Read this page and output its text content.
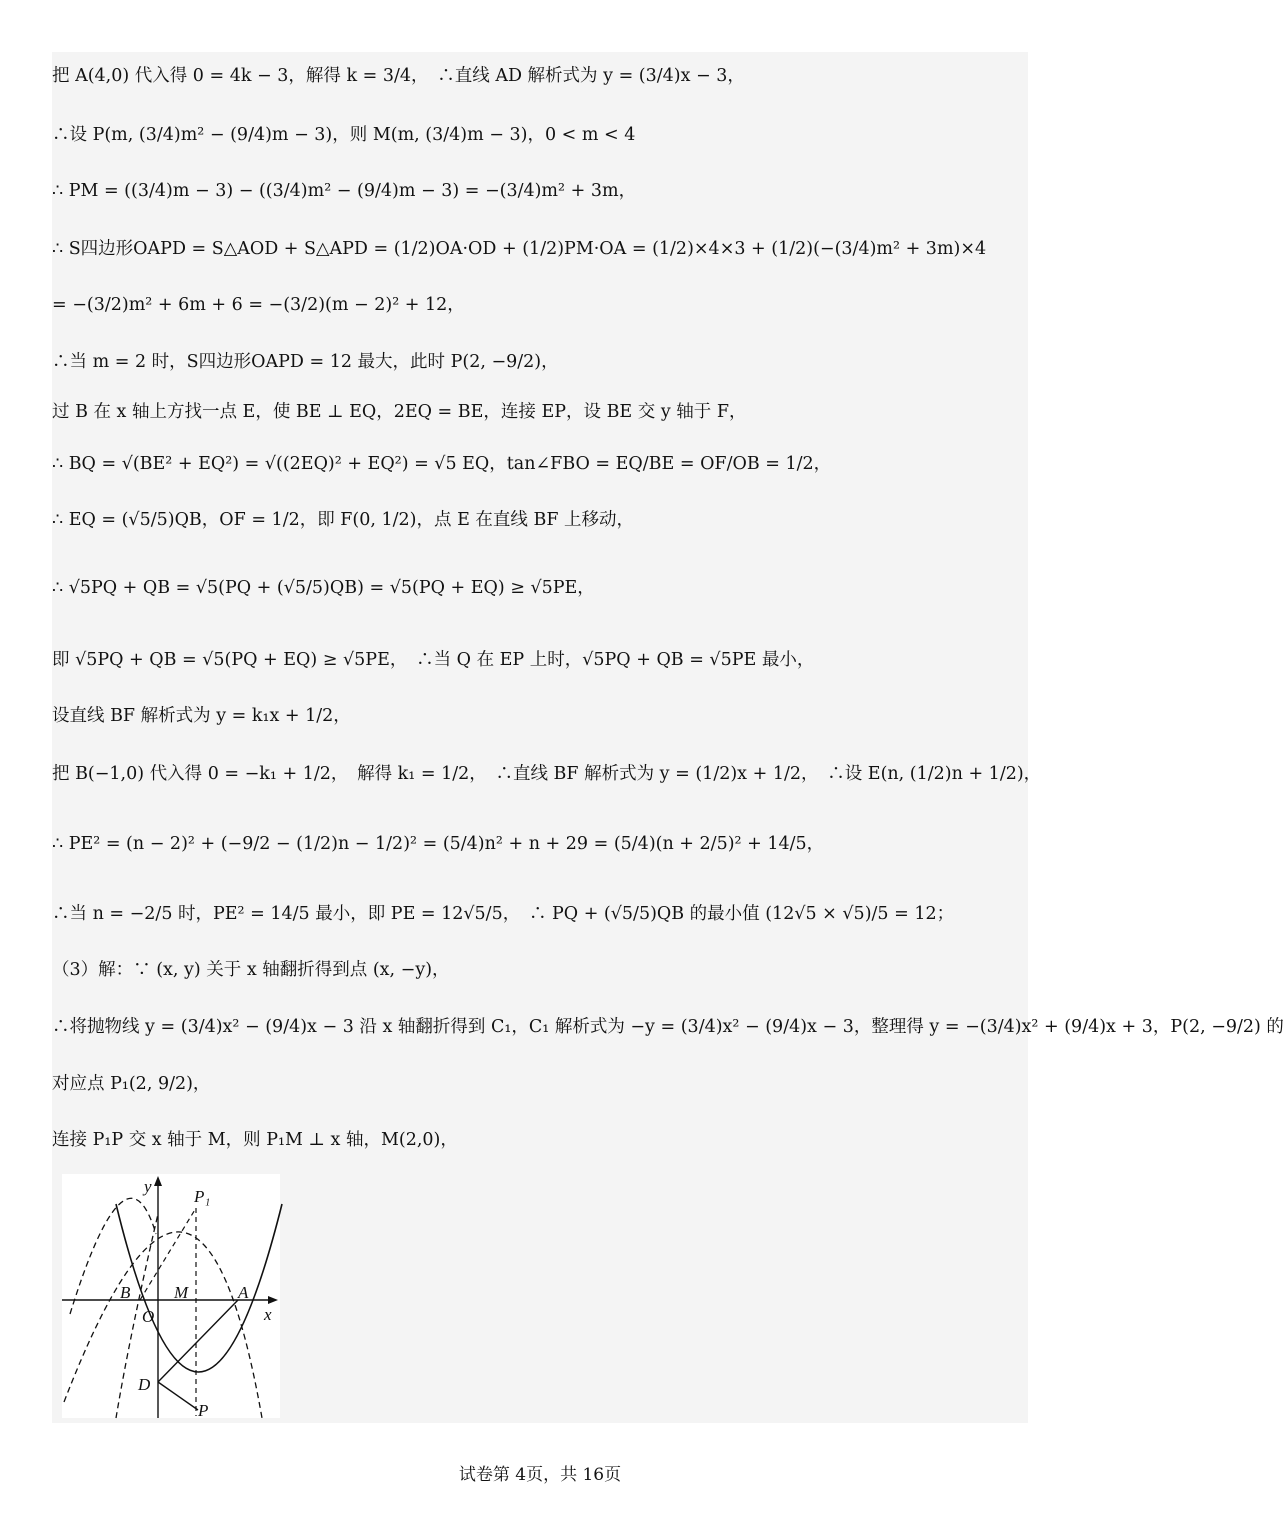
把 A(4,0) 代入得 0 = 4k − 3，解得 k = 3/4，　∴直线 AD 解析式为 y = (3/4)x − 3，
∴设 P(m, (3/4)m² − (9/4)m − 3)，则 M(m, (3/4)m − 3)，0 < m < 4
∴ PM = ((3/4)m − 3) − ((3/4)m² − (9/4)m − 3) = −(3/4)m² + 3m，
∴ S四边形OAPD = S△AOD + S△APD = (1/2)OA·OD + (1/2)PM·OA = (1/2)×4×3 + (1/2)(−(3/4)m² + 3m)×4
= −(3/2)m² + 6m + 6 = −(3/2)(m − 2)² + 12，
∴当 m = 2 时，S四边形OAPD = 12 最大，此时 P(2, −9/2)，
过 B 在 x 轴上方找一点 E，使 BE ⊥ EQ，2EQ = BE，连接 EP，设 BE 交 y 轴于 F，
∴ BQ = √(BE² + EQ²) = √((2EQ)² + EQ²) = √5 EQ，tan∠FBO = EQ/BE = OF/OB = 1/2，
∴ EQ = (√5/5)QB，OF = 1/2，即 F(0, 1/2)，点 E 在直线 BF 上移动，
∴ √5PQ + QB = √5(PQ + (√5/5)QB) = √5(PQ + EQ) ≥ √5PE，
即 √5PQ + QB = √5(PQ + EQ) ≥ √5PE，　∴当 Q 在 EP 上时，√5PQ + QB = √5PE 最小，
设直线 BF 解析式为 y = k₁x + 1/2，
把 B(−1,0) 代入得 0 = −k₁ + 1/2，　解得 k₁ = 1/2，　∴直线 BF 解析式为 y = (1/2)x + 1/2，　∴设 E(n, (1/2)n + 1/2)，
∴ PE² = (n − 2)² + (−9/2 − (1/2)n − 1/2)² = (5/4)n² + n + 29 = (5/4)(n + 2/5)² + 14/5，
∴当 n = −2/5 时，PE² = 14/5 最小，即 PE = 12√5/5，　∴ PQ + (√5/5)QB 的最小值 (12√5 × √5)/5 = 12；
（3）解：∵ (x, y) 关于 x 轴翻折得到点 (x, −y)，
∴将抛物线 y = (3/4)x² − (9/4)x − 3 沿 x 轴翻折得到 C₁，C₁ 解析式为 −y = (3/4)x² − (9/4)x − 3，整理得 y = −(3/4)x² + (9/4)x + 3，P(2, −9/2) 的
对应点 P₁(2, 9/2)，
连接 P₁P 交 x 轴于 M，则 P₁M ⊥ x 轴，M(2,0)，
y
x
P₁
B	M	A
O
D
P
试卷第 4页，共 16页
